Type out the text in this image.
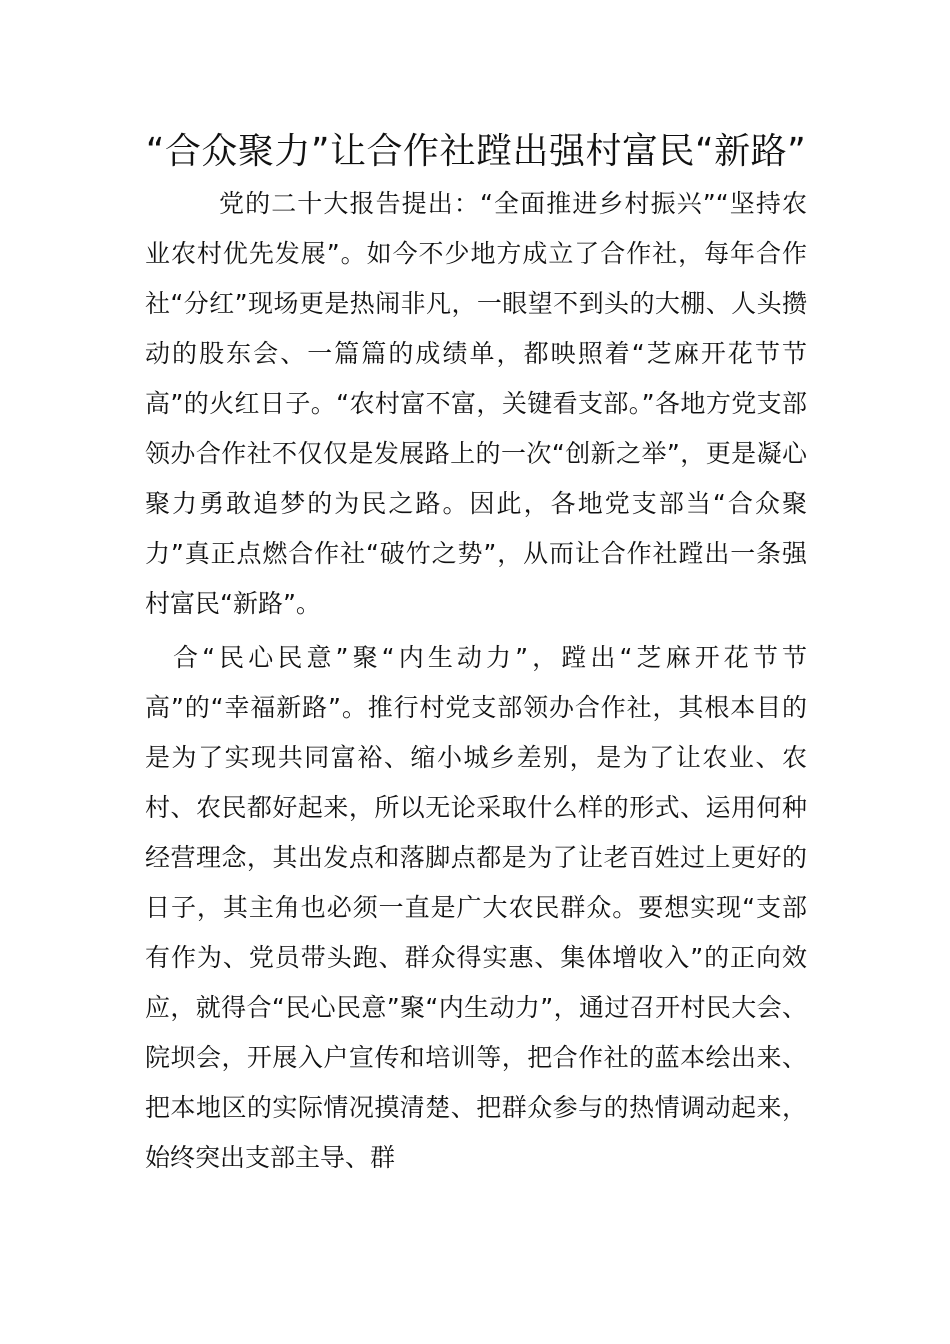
“合众聚力”让合作社蹚出强村富民“新路”

党的二十大报告提出：“全面推进乡村振兴”“坚持农业农村优先发展”。如今不少地方成立了合作社，每年合作社“分红”现场更是热闹非凡，一眼望不到头的大棚、人头攒动的股东会、一篇篇的成绩单，都映照着“芝麻开花节节高”的火红日子。“农村富不富，关键看支部。”各地方党支部领办合作社不仅仅是发展路上的一次“创新之举”，更是凝心聚力勇敢追梦的为民之路。因此，各地党支部当“合众聚力”真正点燃合作社“破竹之势”，从而让合作社蹚出一条强村富民“新路”。

合“民心民意”聚“内生动力”，蹚出“芝麻开花节节高”的“幸福新路”。推行村党支部领办合作社，其根本目的是为了实现共同富裕、缩小城乡差别，是为了让农业、农村、农民都好起来，所以无论采取什么样的形式、运用何种经营理念，其出发点和落脚点都是为了让老百姓过上更好的日子，其主角也必须一直是广大农民群众。要想实现“支部有作为、党员带头跑、群众得实惠、集体增收入”的正向效应，就得合“民心民意”聚“内生动力”，通过召开村民大会、院坝会，开展入户宣传和培训等，把合作社的蓝本绘出来、把本地区的实际情况摸清楚、把群众参与的热情调动起来，始终突出支部主导、群
